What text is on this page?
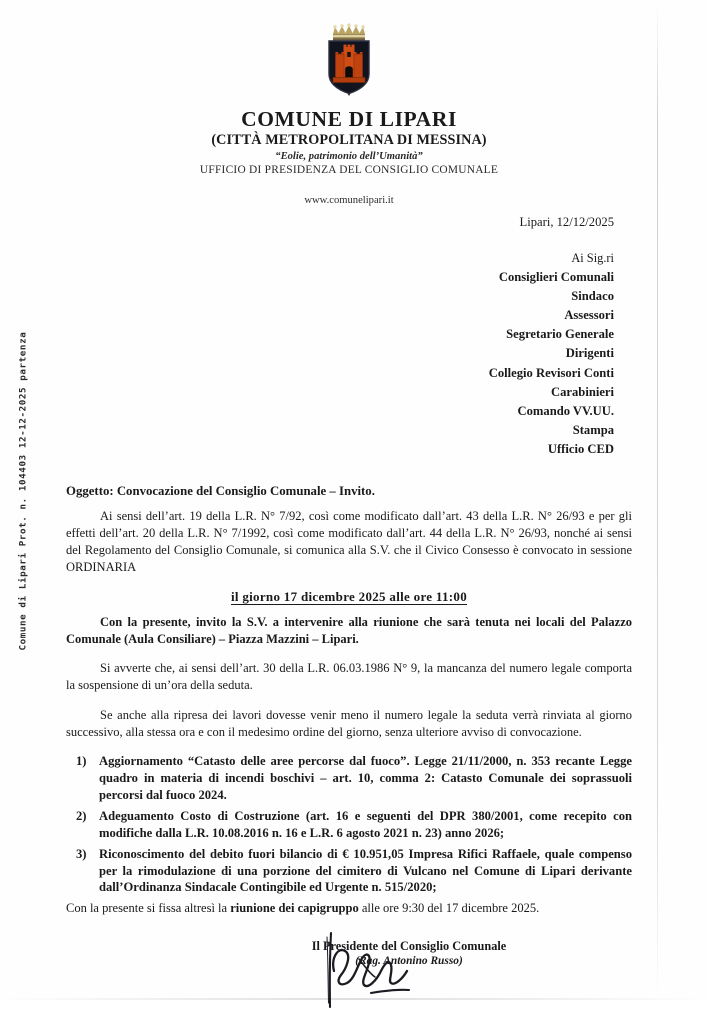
Comune di Lipari Prot. n. 104403 12-12-2025 partenza
COMUNE DI LIPARI
(CITTÀ METROPOLITANA DI MESSINA)
“Eolie, patrimonio dell’Umanità”
UFFICIO DI PRESIDENZA DEL CONSIGLIO COMUNALE
www.comunelipari.it
Lipari, 12/12/2025
Ai Sig.ri
Consiglieri Comunali
Sindaco
Assessori
Segretario Generale
Dirigenti
Collegio Revisori Conti
Carabinieri
Comando VV.UU.
Stampa
Ufficio CED
Oggetto: Convocazione del Consiglio Comunale – Invito.

Ai sensi dell’art. 19 della L.R. N° 7/92, così come modificato dall’art. 43 della L.R. N° 26/93 e per gli effetti dell’art. 20 della L.R. N° 7/1992, così come modificato dall’art. 44 della L.R. N° 26/93, nonché ai sensi del Regolamento del Consiglio Comunale, si comunica alla S.V. che il Civico Consesso è convocato in sessione ORDINARIA

il giorno 17 dicembre 2025 alle ore 11:00

Con la presente, invito la S.V. a intervenire alla riunione che sarà tenuta nei locali del Palazzo Comunale (Aula Consiliare) – Piazza Mazzini – Lipari.

Si avverte che, ai sensi dell’art. 30 della L.R. 06.03.1986 N° 9, la mancanza del numero legale comporta la sospensione di un’ora della seduta.

Se anche alla ripresa dei lavori dovesse venir meno il numero legale la seduta verrà rinviata al giorno successivo, alla stessa ora e con il medesimo ordine del giorno, senza ulteriore avviso di convocazione.

1) Aggiornamento “Catasto delle aree percorse dal fuoco”. Legge 21/11/2000, n. 353 recante Legge quadro in materia di incendi boschivi – art. 10, comma 2: Catasto Comunale dei soprassuoli percorsi dal fuoco 2024.
2) Adeguamento Costo di Costruzione (art. 16 e seguenti del DPR 380/2001, come recepito con modifiche dalla L.R. 10.08.2016 n. 16 e L.R. 6 agosto 2021 n. 23) anno 2026;
3) Riconoscimento del debito fuori bilancio di € 10.951,05 Impresa Rifici Raffaele, quale compenso per la rimodulazione di una porzione del cimitero di Vulcano nel Comune di Lipari derivante dall’Ordinanza Sindacale Contingibile ed Urgente n. 515/2020;

Con la presente si fissa altresì la riunione dei capigruppo alle ore 9:30 del 17 dicembre 2025.

Il Presidente del Consiglio Comunale
(Rag. Antonino Russo)
